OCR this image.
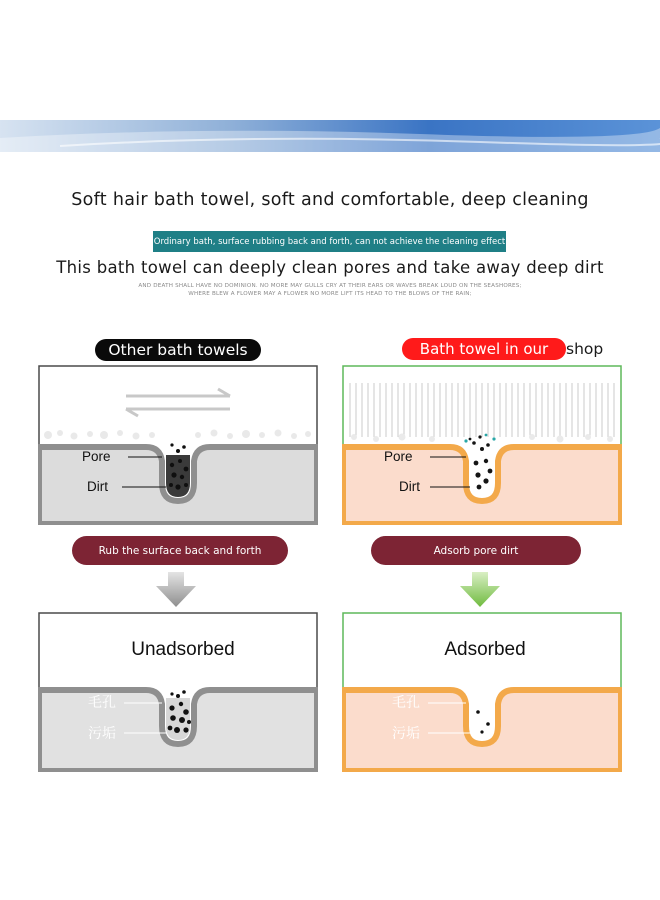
Soft hair bath towel, soft and comfortable, deep cleaning
Ordinary bath, surface rubbing back and forth, can not achieve the cleaning effect
This bath towel can deeply clean pores and take away deep dirt
AND DEATH SHALL HAVE NO DOMINION. NO MORE MAY GULLS CRY AT THEIR EARS OR WAVES BREAK LOUD ON THE SEASHORES;
WHERE BLEW A FLOWER MAY A FLOWER NO MORE LIFT ITS HEAD TO THE BLOWS OF THE RAIN;
Other bath towels	Bath towel in our	shop
Pore
Dirt
Pore
Dirt
Rub the surface back and forth	Adsorb pore dirt
Unadsorbed
毛孔
污垢
Adsorbed
毛孔
污垢
